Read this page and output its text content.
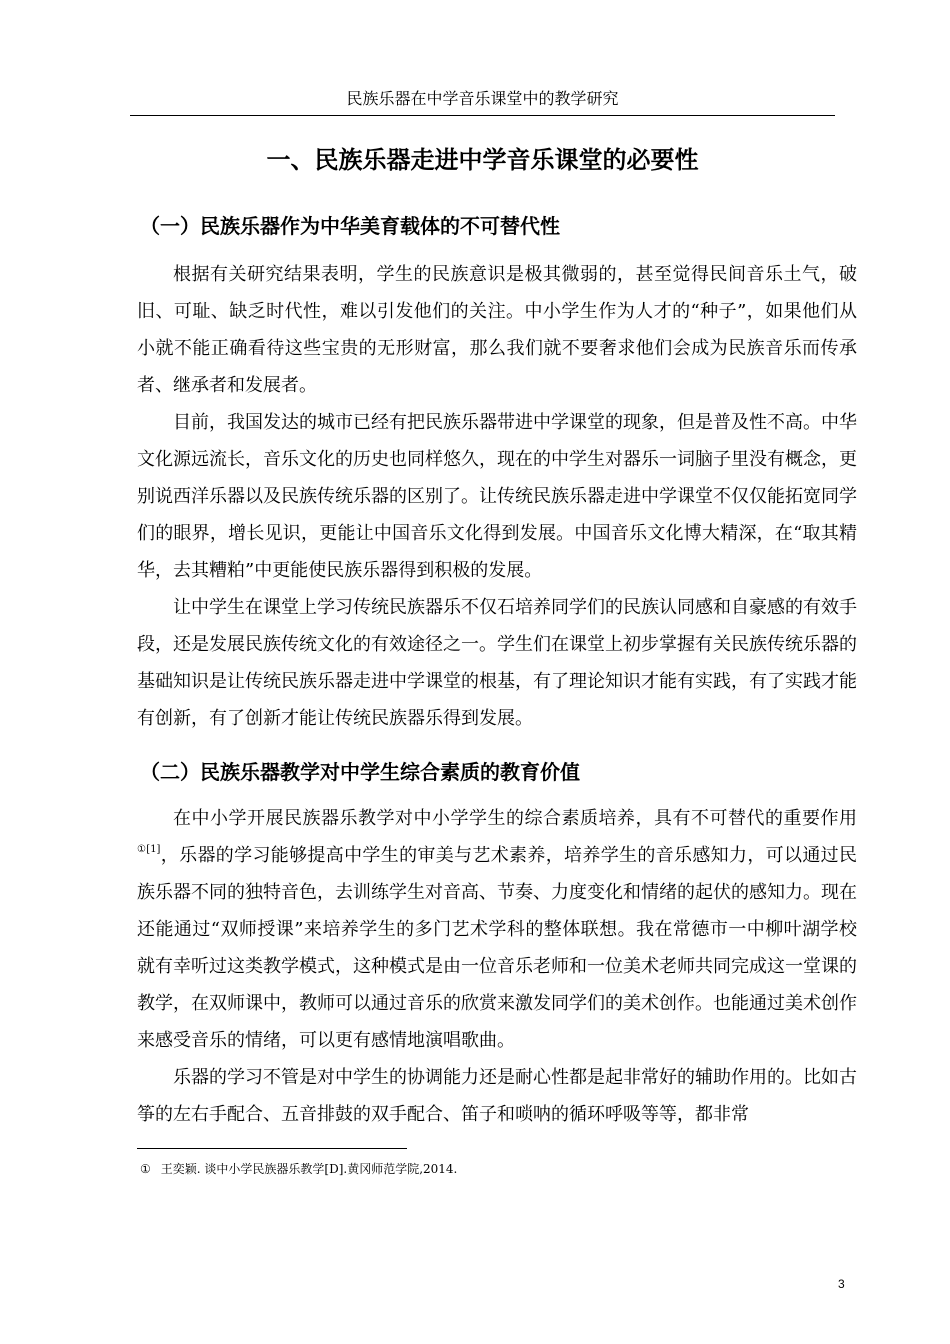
民族乐器在中学音乐课堂中的教学研究
一、民族乐器走进中学音乐课堂的必要性
（一）民族乐器作为中华美育载体的不可替代性

根据有关研究结果表明，学生的民族意识是极其微弱的，甚至觉得民间音乐土气，破旧、可耻、缺乏时代性，难以引发他们的关注。中小学生作为人才的“种子”，如果他们从小就不能正确看待这些宝贵的无形财富，那么我们就不要奢求他们会成为民族音乐而传承者、继承者和发展者。

目前，我国发达的城市已经有把民族乐器带进中学课堂的现象，但是普及性不高。中华文化源远流长，音乐文化的历史也同样悠久，现在的中学生对器乐一词脑子里没有概念，更别说西洋乐器以及民族传统乐器的区别了。让传统民族乐器走进中学课堂不仅仅能拓宽同学们的眼界，增长见识，更能让中国音乐文化得到发展。中国音乐文化博大精深，在“取其精华，去其糟粕”中更能使民族乐器得到积极的发展。

让中学生在课堂上学习传统民族器乐不仅石培养同学们的民族认同感和自豪感的有效手段，还是发展民族传统文化的有效途径之一。学生们在课堂上初步掌握有关民族传统乐器的基础知识是让传统民族乐器走进中学课堂的根基，有了理论知识才能有实践，有了实践才能有创新，有了创新才能让传统民族器乐得到发展。

（二）民族乐器教学对中学生综合素质的教育价值

在中小学开展民族器乐教学对中小学学生的综合素质培养，具有不可替代的重要作用$^{①[1]}$，乐器的学习能够提高中学生的审美与艺术素养，培养学生的音乐感知力，可以通过民族乐器不同的独特音色，去训练学生对音高、节奏、力度变化和情绪的起伏的感知力。现在还能通过“双师授课”来培养学生的多门艺术学科的整体联想。我在常德市一中柳叶湖学校就有幸听过这类教学模式，这种模式是由一位音乐老师和一位美术老师共同完成这一堂课的教学，在双师课中，教师可以通过音乐的欣赏来激发同学们的美术创作。也能通过美术创作来感受音乐的情绪，可以更有感情地演唱歌曲。

乐器的学习不管是对中学生的协调能力还是耐心性都是起非常好的辅助作用的。比如古筝的左右手配合、五音排鼓的双手配合、笛子和唢呐的循环呼吸等等，都非常

① 王奕颖. 谈中小学民族器乐教学[D].黄冈师范学院,2014.
3
